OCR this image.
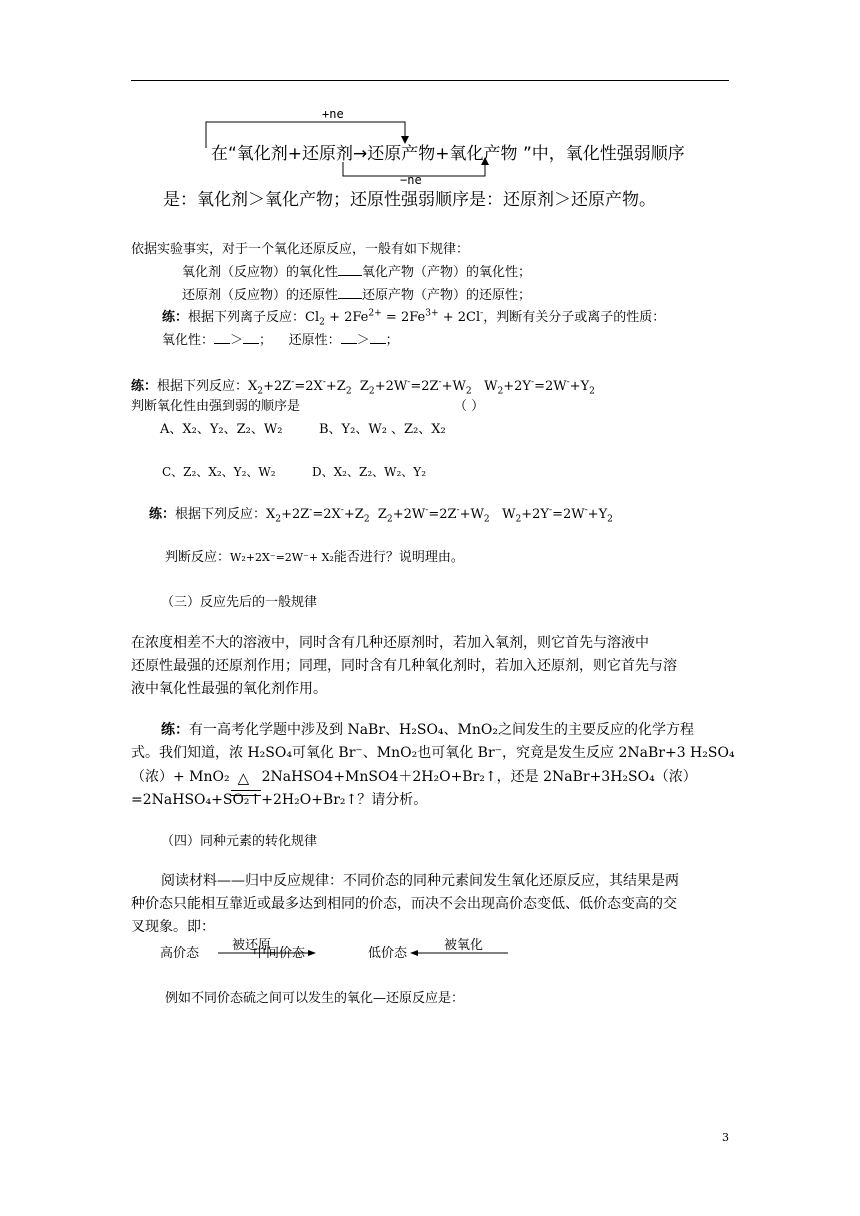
+ne
−ne
在“氧化剂+还原剂→还原产物+氧化产物 ”中，氧化性强弱顺序
是：氧化剂＞氧化产物；还原性强弱顺序是：还原剂＞还原产物。
依据实验事实，对于一个氧化还原反应，一般有如下规律：
氧化剂（反应物）的氧化性 氧化产物（产物）的氧化性；
还原剂（反应物）的还原性 还原产物（产物）的还原性；
练：根据下列离子反应：$Cl_2 + 2Fe^{2+} = 2Fe^{3+} + 2Cl^-$，判断有关分子或离子的性质：
氧化性： ＞ ； 还原性： ＞ ；
练：根据下列反应：$X_2+2Z^-=2X^-+Z_2$  $Z_2+2W^-=2Z^-+W_2$   $W_2+2Y^-=2W^-+Y_2$
判断氧化性由强到弱的顺序是	（ ）
A、X₂、Y₂、Z₂、W₂	B、Y₂、W₂ 、Z₂、X₂
C、Z₂、X₂、Y₂、W₂	D、X₂、Z₂、W₂、Y₂
练：根据下列反应：$X_2+2Z^-=2X^-+Z_2$  $Z_2+2W^-=2Z^-+W_2$   $W_2+2Y^-=2W^-+Y_2$
判断反应：W₂+2X⁻=2W⁻+ X₂能否进行？说明理由。
（三）反应先后的一般规律
在浓度相差不大的溶液中，同时含有几种还原剂时，若加入氧剂，则它首先与溶液中
还原性最强的还原剂作用；同理，同时含有几种氧化剂时，若加入还原剂，则它首先与溶
液中氧化性最强的氧化剂作用。
练：有一高考化学题中涉及到 NaBr、H₂SO₄、MnO₂之间发生的主要反应的化学方程
式。我们知道，浓 H₂SO₄可氧化 Br⁻、MnO₂也可氧化 Br⁻，究竟是发生反应 2NaBr+3 H₂SO₄
（浓）+ MnO₂ △ 2NaHSO4+MnSO4＋2H₂O+Br₂↑，还是 2NaBr+3H₂SO₄（浓）
=2NaHSO₄+SO₂↑+2H₂O+Br₂↑？请分析。
（四）同种元素的转化规律
阅读材料——归中反应规律：不同价态的同种元素间发生氧化还原反应，其结果是两
种价态只能相互靠近或最多达到相同的价态，而决不会出现高价态变低、低价态变高的交
叉现象。即：
高价态
被还原
中间价态	低价态
被氧化
例如不同价态硫之间可以发生的氧化—还原反应是：
3
